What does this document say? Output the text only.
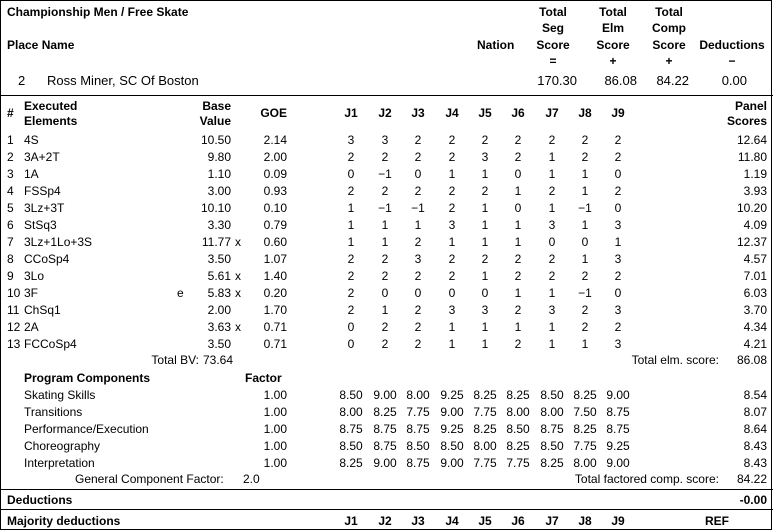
Championship Men / Free Skate
Place Name	Nation
Total
Seg
Score
=
Total
Elm
Score
+
Total
Comp
Score
+
Deductions
−
2 Ross Miner, SC Of Boston	170.30	86.08	84.22	0.00
# Executed
Elements
Base
Value
GOE	J1	J2	J3	J4	J5	J6	J7	J8	J9	Panel
Scores
1 4S	10.50	2.14	3	3	2	2	2	2	2	2	2	12.64
2 3A+2T	9.80	2.00	2	2	2	2	3	2	1	2	2	11.80
3 1A	1.10	0.09	0	−1	0	1	1	0	1	1	0	1.19
4 FSSp4	3.00	0.93	2	2	2	2	2	1	2	1	2	3.93
5 3Lz+3T	10.10	0.10	1	−1	−1	2	1	0	1	−1	0	10.20
6 StSq3	3.30	0.79	1	1	1	3	1	1	3	1	3	4.09
7 3Lz+1Lo+3S	11.77 x	0.60	1	1	2	1	1	1	0	0	1	12.37
8 CCoSp4	3.50	1.07	2	2	3	2	2	2	2	1	3	4.57
9 3Lo	5.61 x	1.40	2	2	2	2	1	2	2	2	2	7.01
10 3F	e	5.83 x	0.20	2	0	0	0	0	1	1	−1	0	6.03
11 ChSq1	2.00	1.70	2	1	2	3	3	2	3	2	3	3.70
12 2A	3.63 x	0.71	0	2	2	1	1	1	1	2	2	4.34
13 FCCoSp4	3.50	0.71	0	2	2	1	1	2	1	1	3	4.21
Total BV: 73.64	Total elm. score:	86.08
Program Components	Factor
Skating Skills	1.00	8.50 9.00 8.00 9.25 8.25 8.25 8.50 8.25 9.00	8.54
Transitions	1.00	8.00 8.25 7.75 9.00 7.75 8.00 8.00 7.50 8.75	8.07
Performance/Execution	1.00	8.75 8.75 8.75 9.25 8.25 8.50 8.75 8.25 8.75	8.64
Choreography	1.00	8.50 8.75 8.50 8.50 8.00 8.25 8.50 7.75 9.25	8.43
Interpretation	1.00	8.25 9.00 8.75 9.00 7.75 7.75 8.25 8.00 9.00	8.43
General Component Factor: 2.0	Total factored comp. score:	84.22
Deductions	-0.00
Majority deductions	J1	J2	J3	J4	J5	J6	J7	J8	J9	REF
